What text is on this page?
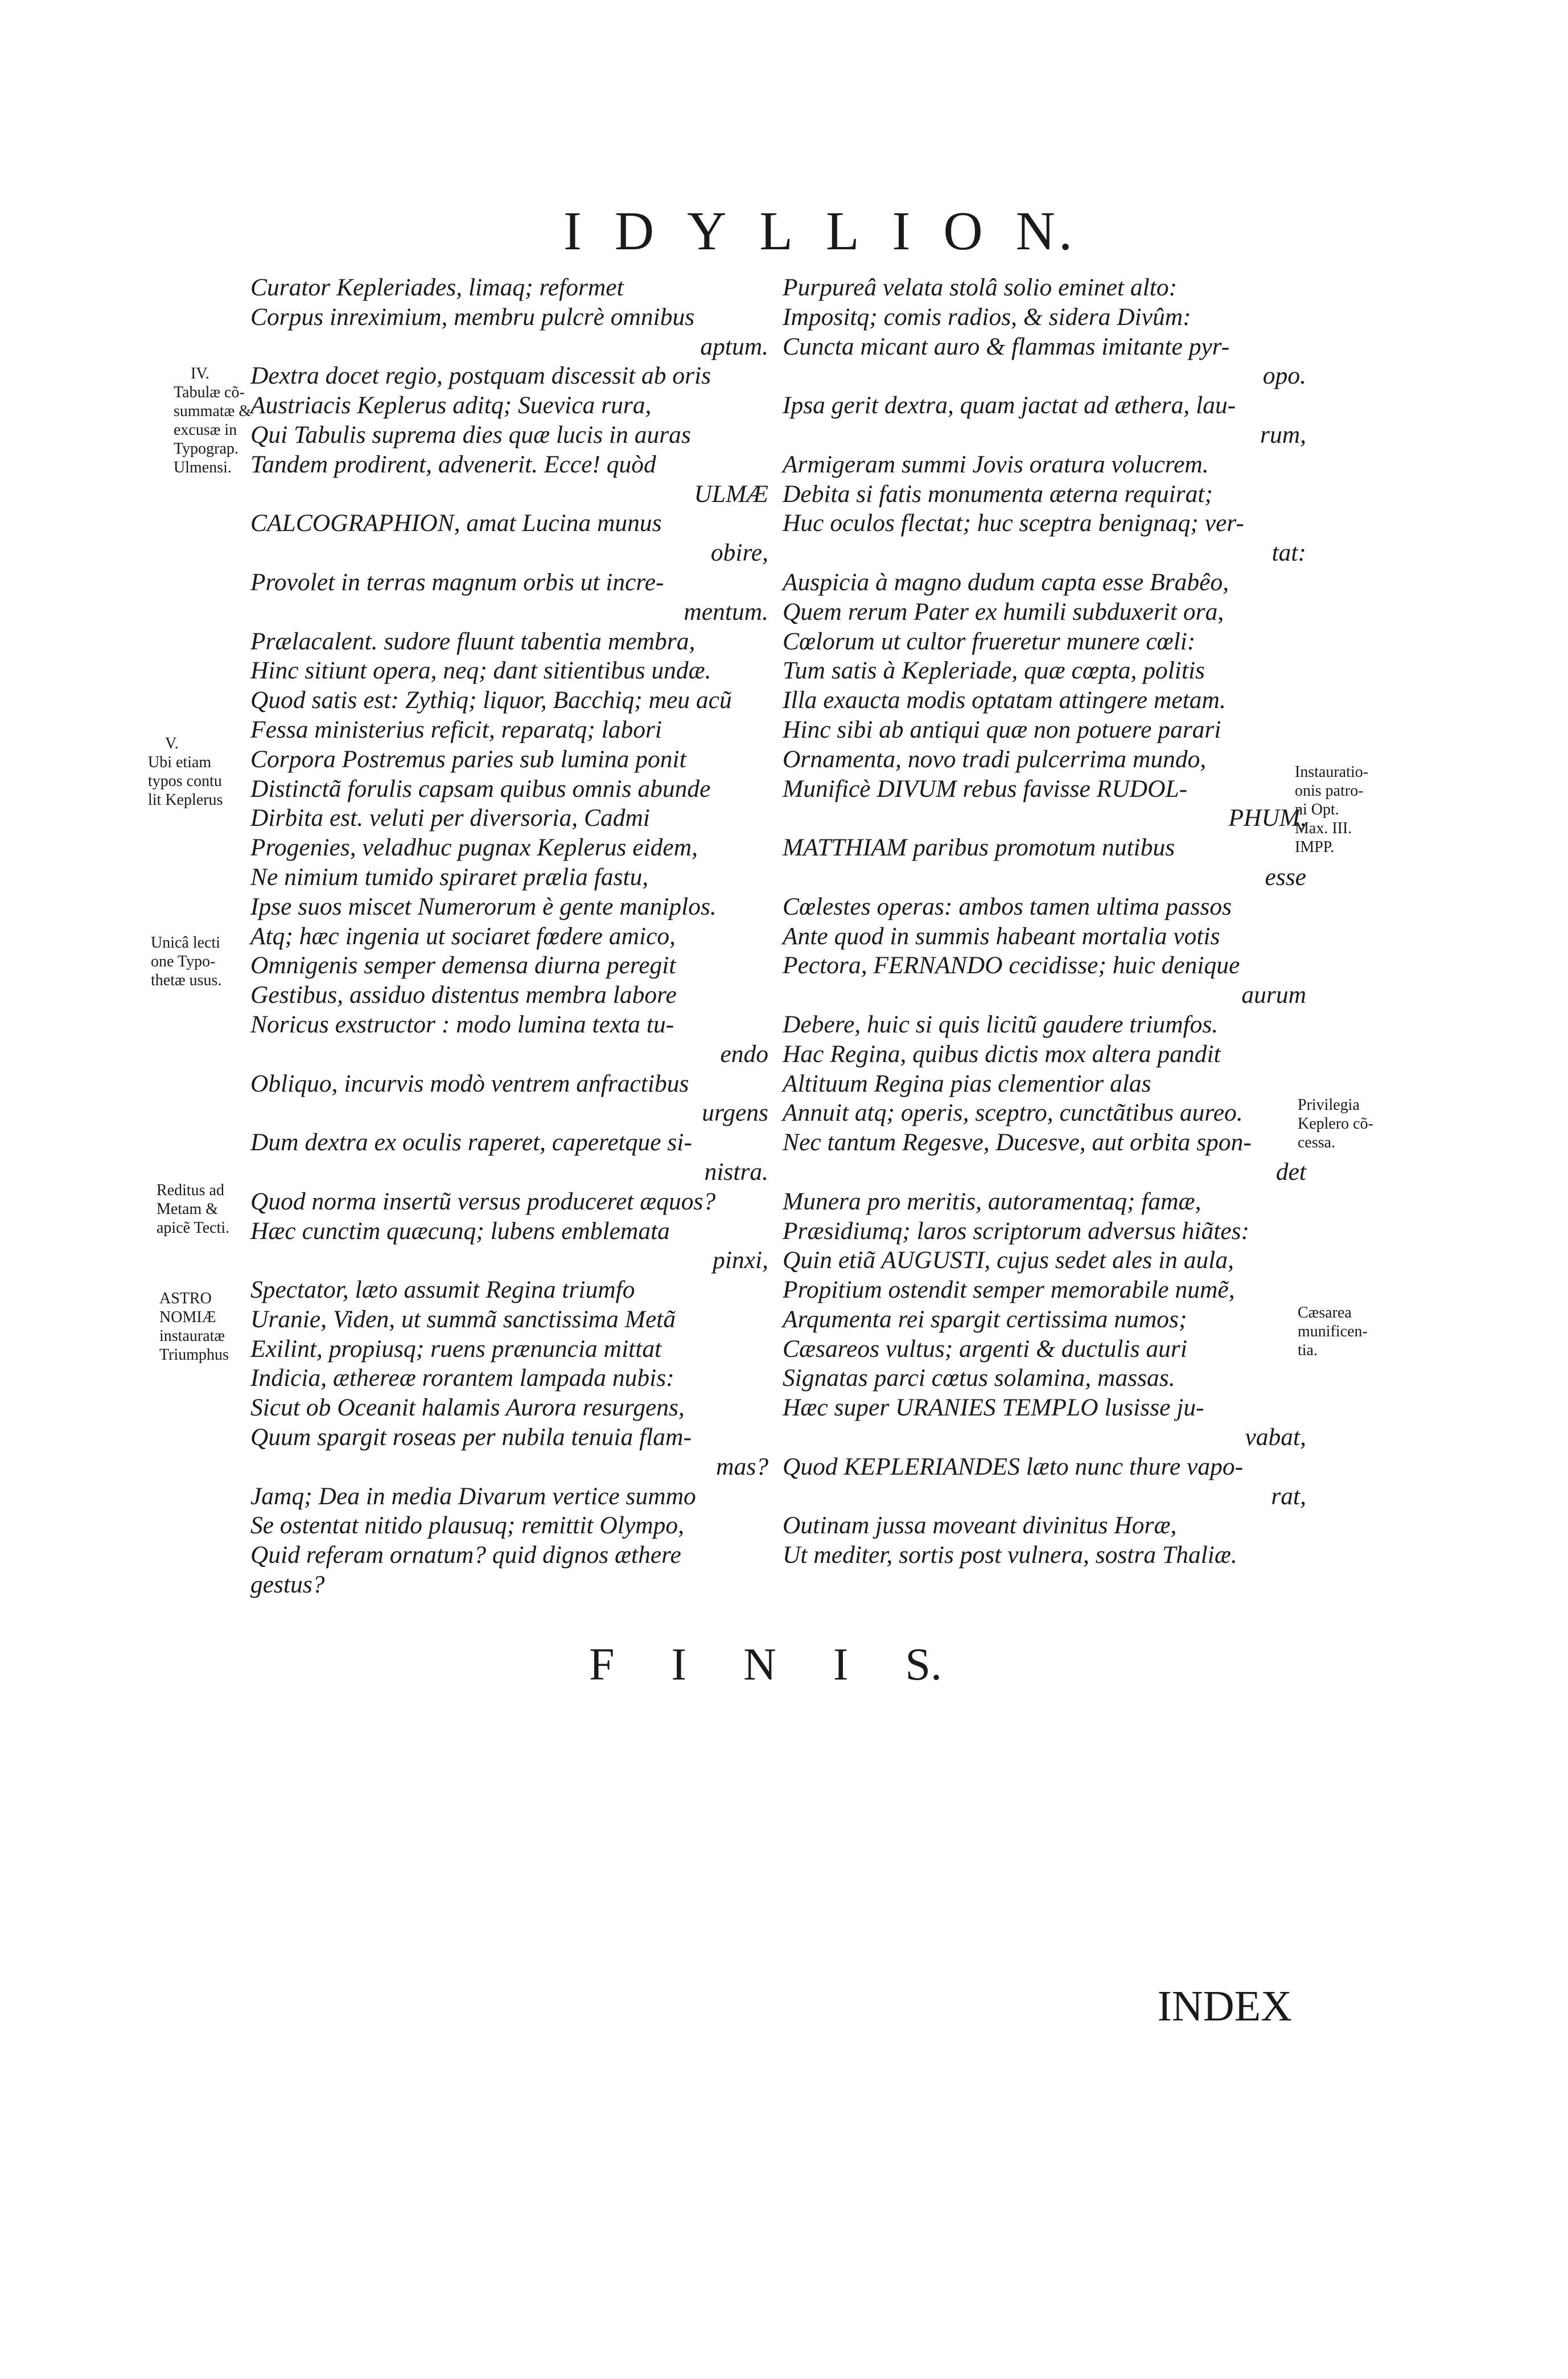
I D Y L L I O N.
Curator Kepleriades, limaq; reformet
Corpus inreximium, membru pulcrè omnibus
aptum.
Dextra docet regio, postquam discessit ab oris
Austriacis Keplerus aditq; Suevica rura,
Qui Tabulis suprema dies quæ lucis in auras
Tandem prodirent, advenerit. Ecce! quòd
ULMÆ
CALCOGRAPHION, amat Lucina munus
obire,
Provolet in terras magnum orbis ut incre-
mentum.
Prælacalent. sudore fluunt tabentia membra,
Hinc sitiunt opera, neq; dant sitientibus undæ.
Quod satis est: Zythiq; liquor, Bacchiq; meu acũ
Fessa ministerius reficit, reparatq; labori
Corpora Postremus paries sub lumina ponit
Distinctã forulis capsam quibus omnis abunde
Dirbita est. veluti per diversoria, Cadmi
Progenies, veladhuc pugnax Keplerus eidem,
Ne nimium tumido spiraret prælia fastu,
Ipse suos miscet Numerorum è gente maniplos.
Atq; hæc ingenia ut sociaret fœdere amico,
Omnigenis semper demensa diurna peregit
Gestibus, assiduo distentus membra labore
Noricus exstructor : modo lumina texta tu-
endo
Obliquo, incurvis modò ventrem anfractibus
urgens
Dum dextra ex oculis raperet, caperetque si-
nistra.
Quod norma insertũ versus produceret æquos?
Hæc cunctim quæcunq; lubens emblemata
pinxi,
Spectator, læto assumit Regina triumfo
Uranie, Viden, ut summã sanctissima Metã
Exilint, propiusq; ruens prænuncia mittat
Indicia, æthereæ rorantem lampada nubis:
Sicut ob Oceanit halamis Aurora resurgens,
Quum spargit roseas per nubila tenuia flam-
mas?
Jamq; Dea in media Divarum vertice summo
Se ostentat nitido plausuq; remittit Olympo,
Quid referam ornatum? quid dignos æthere
gestus?
Purpureâ velata stolâ solio eminet alto:
Impositq; comis radios, & sidera Divûm:
Cuncta micant auro & flammas imitante pyr-
opo.
Ipsa gerit dextra, quam jactat ad æthera, lau-
rum,
Armigeram summi Jovis oratura volucrem.
Debita si fatis monumenta æterna requirat;
Huc oculos flectat; huc sceptra benignaq; ver-
tat:
Auspicia à magno dudum capta esse Brabêo,
Quem rerum Pater ex humili subduxerit ora,
Cœlorum ut cultor frueretur munere cœli:
Tum satis à Kepleriade, quæ cœpta, politis
Illa exaucta modis optatam attingere metam.
Hinc sibi ab antiqui quæ non potuere parari
Ornamenta, novo tradi pulcerrima mundo,
Munificè DIVUM rebus favisse RUDOL-
PHUM,
MATTHIAM paribus promotum nutibus
esse
Cœlestes operas: ambos tamen ultima passos
Ante quod in summis habeant mortalia votis
Pectora, FERNANDO cecidisse; huic denique
aurum
Debere, huic si quis licitũ gaudere triumfos.
Hac Regina, quibus dictis mox altera pandit
Altituum Regina pias clementior alas
Annuit atq; operis, sceptro, cunctãtibus aureo.
Nec tantum Regesve, Ducesve, aut orbita spon-
det
Munera pro meritis, autoramentaq; famæ,
Præsidiumq; laros scriptorum adversus hiãtes:
Quin etiã AUGUSTI, cujus sedet ales in aula,
Propitium ostendit semper memorabile numẽ,
Arqumenta rei spargit certissima numos;
Cæsareos vultus; argenti & ductulis auri
Signatas parci cœtus solamina, massas.
Hæc super URANIES TEMPLO lusisse ju-
vabat,
Quod KEPLERIANDES læto nunc thure vapo-
rat,
Outinam jussa moveant divinitus Horæ,
Ut mediter, sortis post vulnera, sostra Thaliæ.
IV.
Tabulæ cõ-
summatæ &
excusæ in
Typograp.
Ulmensi.
V.
Ubi etiam
typos contu
lit Keplerus
Unicâ lecti
one Typo-
thetæ usus.
Reditus ad
Metam &
apicẽ Tecti.
ASTRO
NOMIÆ
instauratæ
Triumphus
Instauratio-
onis patro-
ni Opt.
Max. III.
IMPP.
Privilegia
Keplero cõ-
cessa.
Cæsarea
munificen-
tia.
F I N I S.
INDEX
